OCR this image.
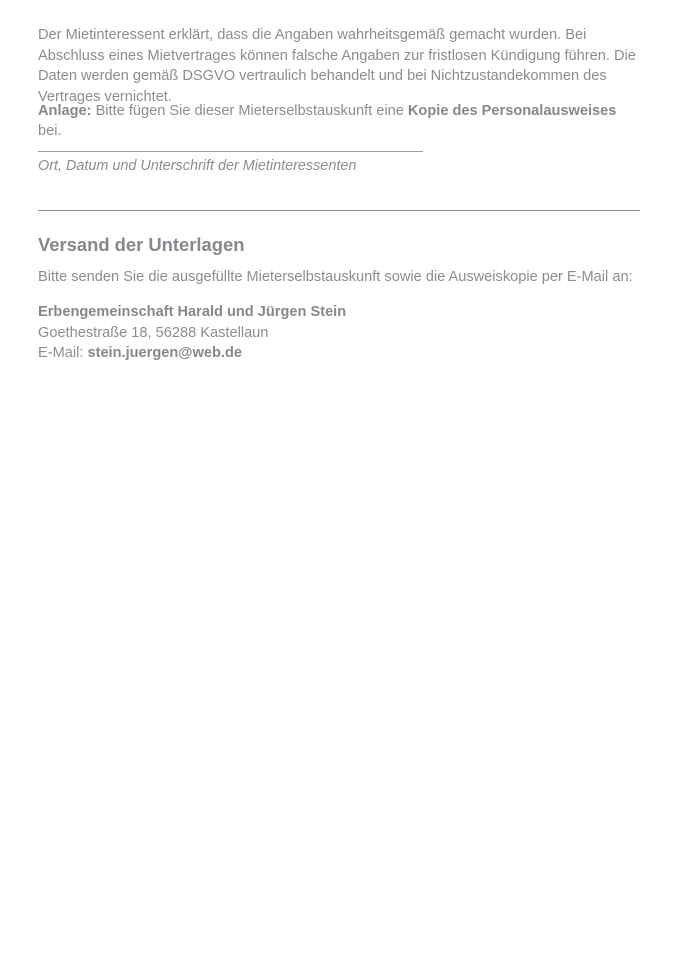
Der Mietinteressent erklärt, dass die Angaben wahrheitsgemäß gemacht wurden. Bei Abschluss eines Mietvertrages können falsche Angaben zur fristlosen Kündigung führen. Die Daten werden gemäß DSGVO vertraulich behandelt und bei Nichtzustandekommen des Vertrages vernichtet.

Anlage: Bitte fügen Sie dieser Mieterselbstauskunft eine Kopie des Personalausweises bei.

Ort, Datum und Unterschrift der Mietinteressenten

Versand der Unterlagen

Bitte senden Sie die ausgefüllte Mieterselbstauskunft sowie die Ausweiskopie per E-Mail an:

Erbengemeinschaft Harald und Jürgen Stein
Goethestraße 18, 56288 Kastellaun
E-Mail: stein.juergen@web.de
